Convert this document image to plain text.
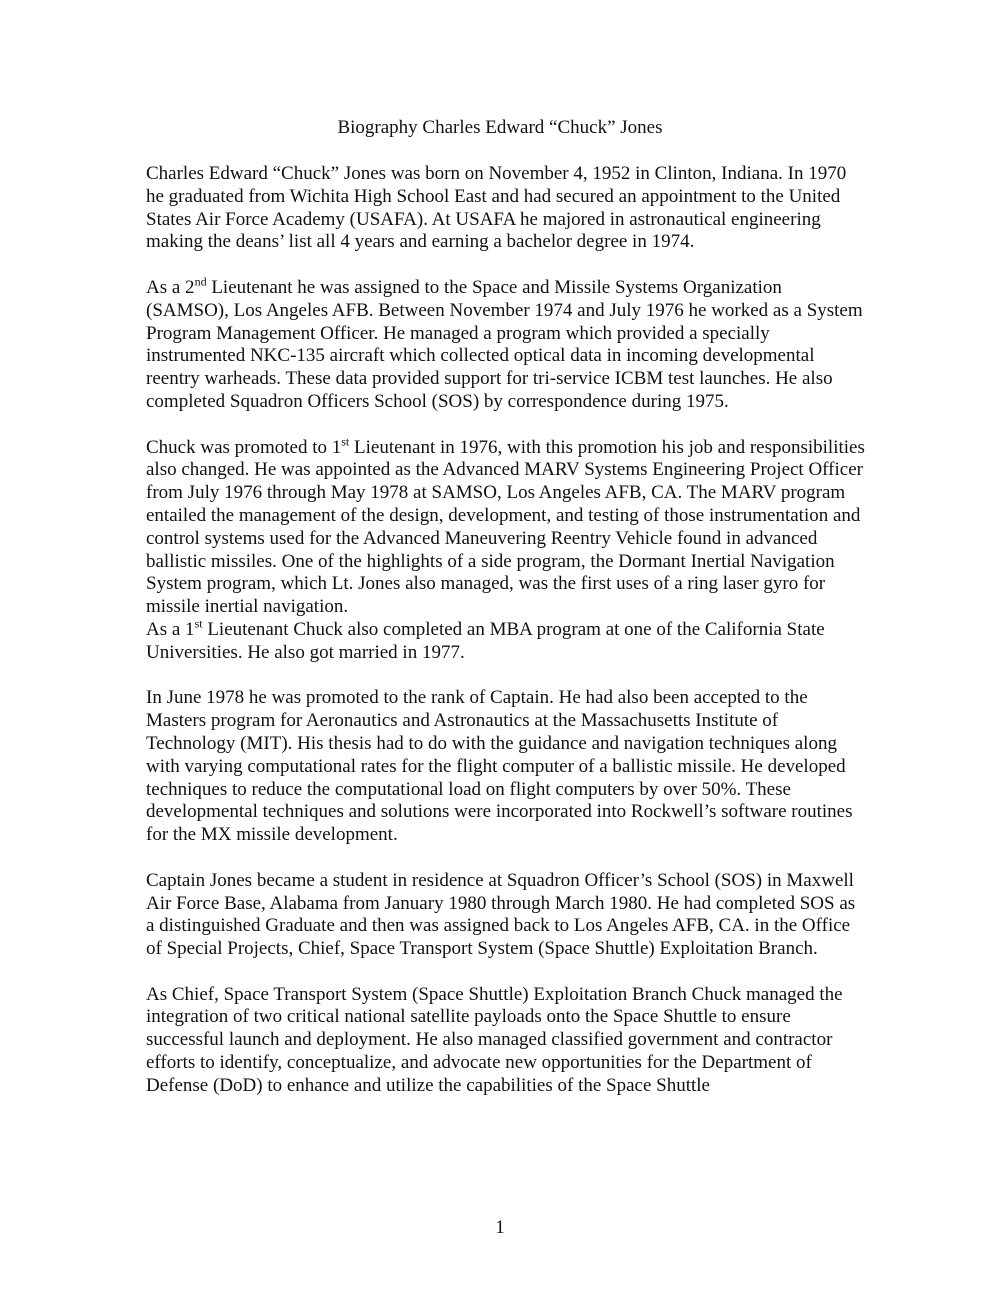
Biography Charles Edward “Chuck” Jones

Charles Edward “Chuck” Jones was born on November 4, 1952 in Clinton, Indiana. In 1970 he graduated from Wichita High School East and had secured an appointment to the United States Air Force Academy (USAFA). At USAFA he majored in astronautical engineering making the deans’ list all 4 years and earning a bachelor degree in 1974.

As a 2nd Lieutenant he was assigned to the Space and Missile Systems Organization (SAMSO), Los Angeles AFB. Between November 1974 and July 1976 he worked as a System Program Management Officer. He managed a program which provided a specially instrumented NKC-135 aircraft which collected optical data in incoming developmental reentry warheads. These data provided support for tri-service ICBM test launches. He also completed Squadron Officers School (SOS) by correspondence during 1975.

Chuck was promoted to 1st Lieutenant in 1976, with this promotion his job and responsibilities also changed. He was appointed as the Advanced MARV Systems Engineering Project Officer from July 1976 through May 1978 at SAMSO, Los Angeles AFB, CA. The MARV program entailed the management of the design, development, and testing of those instrumentation and control systems used for the Advanced Maneuvering Reentry Vehicle found in advanced ballistic missiles. One of the highlights of a side program, the Dormant Inertial Navigation System program, which Lt. Jones also managed, was the first uses of a ring laser gyro for missile inertial navigation.

As a 1st Lieutenant Chuck also completed an MBA program at one of the California State Universities. He also got married in 1977.

In June 1978 he was promoted to the rank of Captain. He had also been accepted to the Masters program for Aeronautics and Astronautics at the Massachusetts Institute of Technology (MIT). His thesis had to do with the guidance and navigation techniques along with varying computational rates for the flight computer of a ballistic missile. He developed techniques to reduce the computational load on flight computers by over 50%. These developmental techniques and solutions were incorporated into Rockwell’s software routines for the MX missile development.

Captain Jones became a student in residence at Squadron Officer’s School (SOS) in Maxwell Air Force Base, Alabama from January 1980 through March 1980. He had completed SOS as a distinguished Graduate and then was assigned back to Los Angeles AFB, CA. in the Office of Special Projects, Chief, Space Transport System (Space Shuttle) Exploitation Branch.

As Chief, Space Transport System (Space Shuttle) Exploitation Branch Chuck managed the integration of two critical national satellite payloads onto the Space Shuttle to ensure successful launch and deployment. He also managed classified government and contractor efforts to identify, conceptualize, and advocate new opportunities for the Department of Defense (DoD) to enhance and utilize the capabilities of the Space Shuttle

1
